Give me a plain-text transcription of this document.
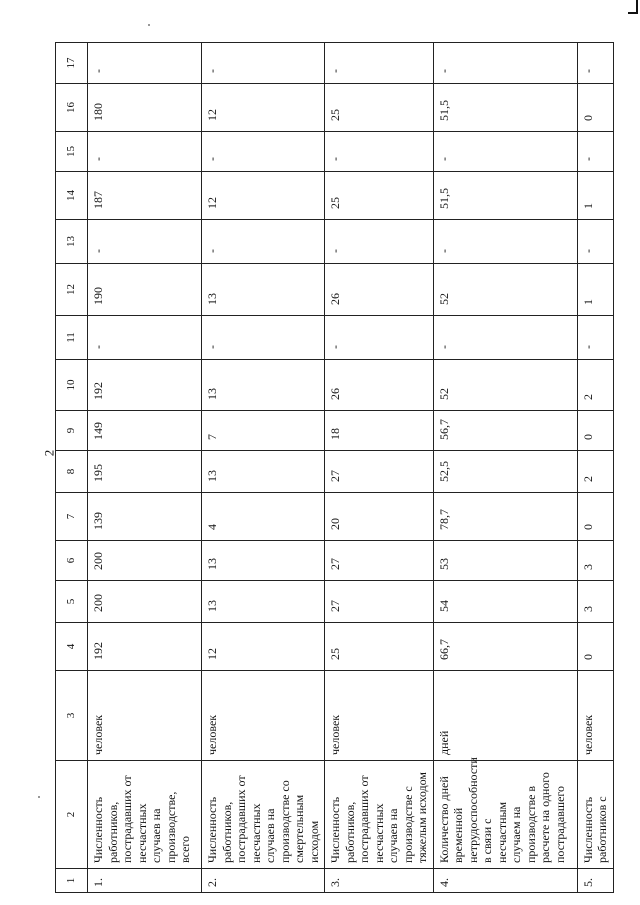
2
1	2	3	4	5	6	7	8	9	10	11	12	13	14	15	16	17
1.	Численность работников, пострадавших от несчастных случаев на производстве, всего	человек	192	200	200	139	195	149	192	-	190	-	187	-	180	-
2.	Численность работников, пострадавших от несчастных случаев на производстве со смертельным исходом	человек	12	13	13	4	13	7	13	-	13	-	12	-	12	-
3.	Численность работников, пострадавших от несчастных случаев на производстве с тяжелым исходом	человек	25	27	27	20	27	18	26	-	26	-	25	-	25	-
4.	Количество дней временной нетрудоспособности в связи с несчастным случаем на производстве в расчете на одного пострадавшего	дней	66,7	54	53	78,7	52,5	56,7	52	-	52	-	51,5	-	51,5	-
5.	Численность работников с	человек	0	3	3	0	2	0	2	-	1	-	1	-	0	-
